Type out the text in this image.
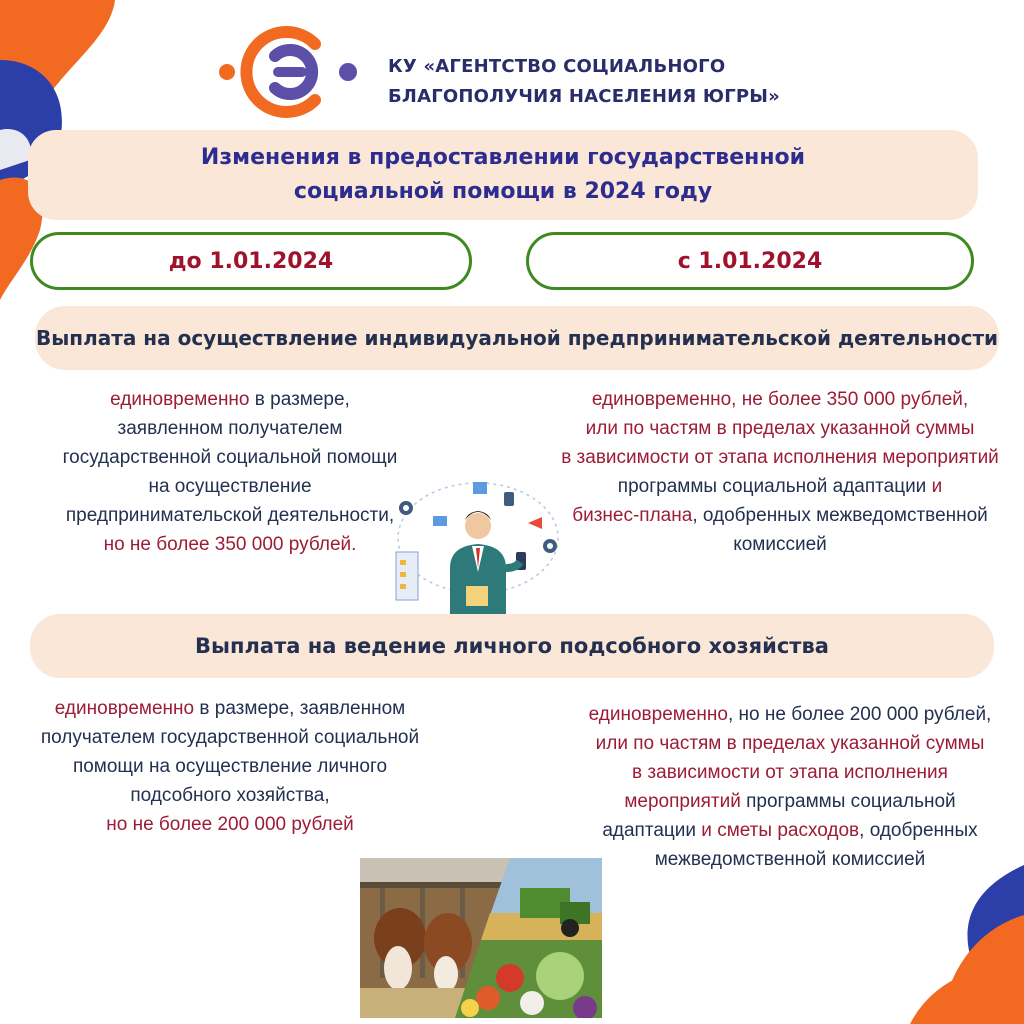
КУ «АГЕНТСТВО СОЦИАЛЬНОГО
БЛАГОПОЛУЧИЯ НАСЕЛЕНИЯ ЮГРЫ»
Изменения в предоставлении государственной
социальной помощи в 2024 году
до 1.01.2024	с 1.01.2024
Выплата на осуществление индивидуальной предпринимательской деятельности
единовременно в размере,
заявленном получателем
государственной социальной помощи
на осуществление
предпринимательской деятельности,
но не более 350 000 рублей.
единовременно, не более 350 000 рублей,
или по частям в пределах указанной суммы
в зависимости от этапа исполнения мероприятий
программы социальной адаптации и
бизнес-плана, одобренных межведомственной
комиссией
Выплата на ведение личного подсобного хозяйства
единовременно в размере, заявленном
получателем государственной социальной
помощи на осуществление личного
подсобного хозяйства,
но не более 200 000 рублей
единовременно, но не более 200 000 рублей,
или по частям в пределах указанной суммы
в зависимости от этапа исполнения
мероприятий программы социальной
адаптации и сметы расходов, одобренных
межведомственной комиссией
